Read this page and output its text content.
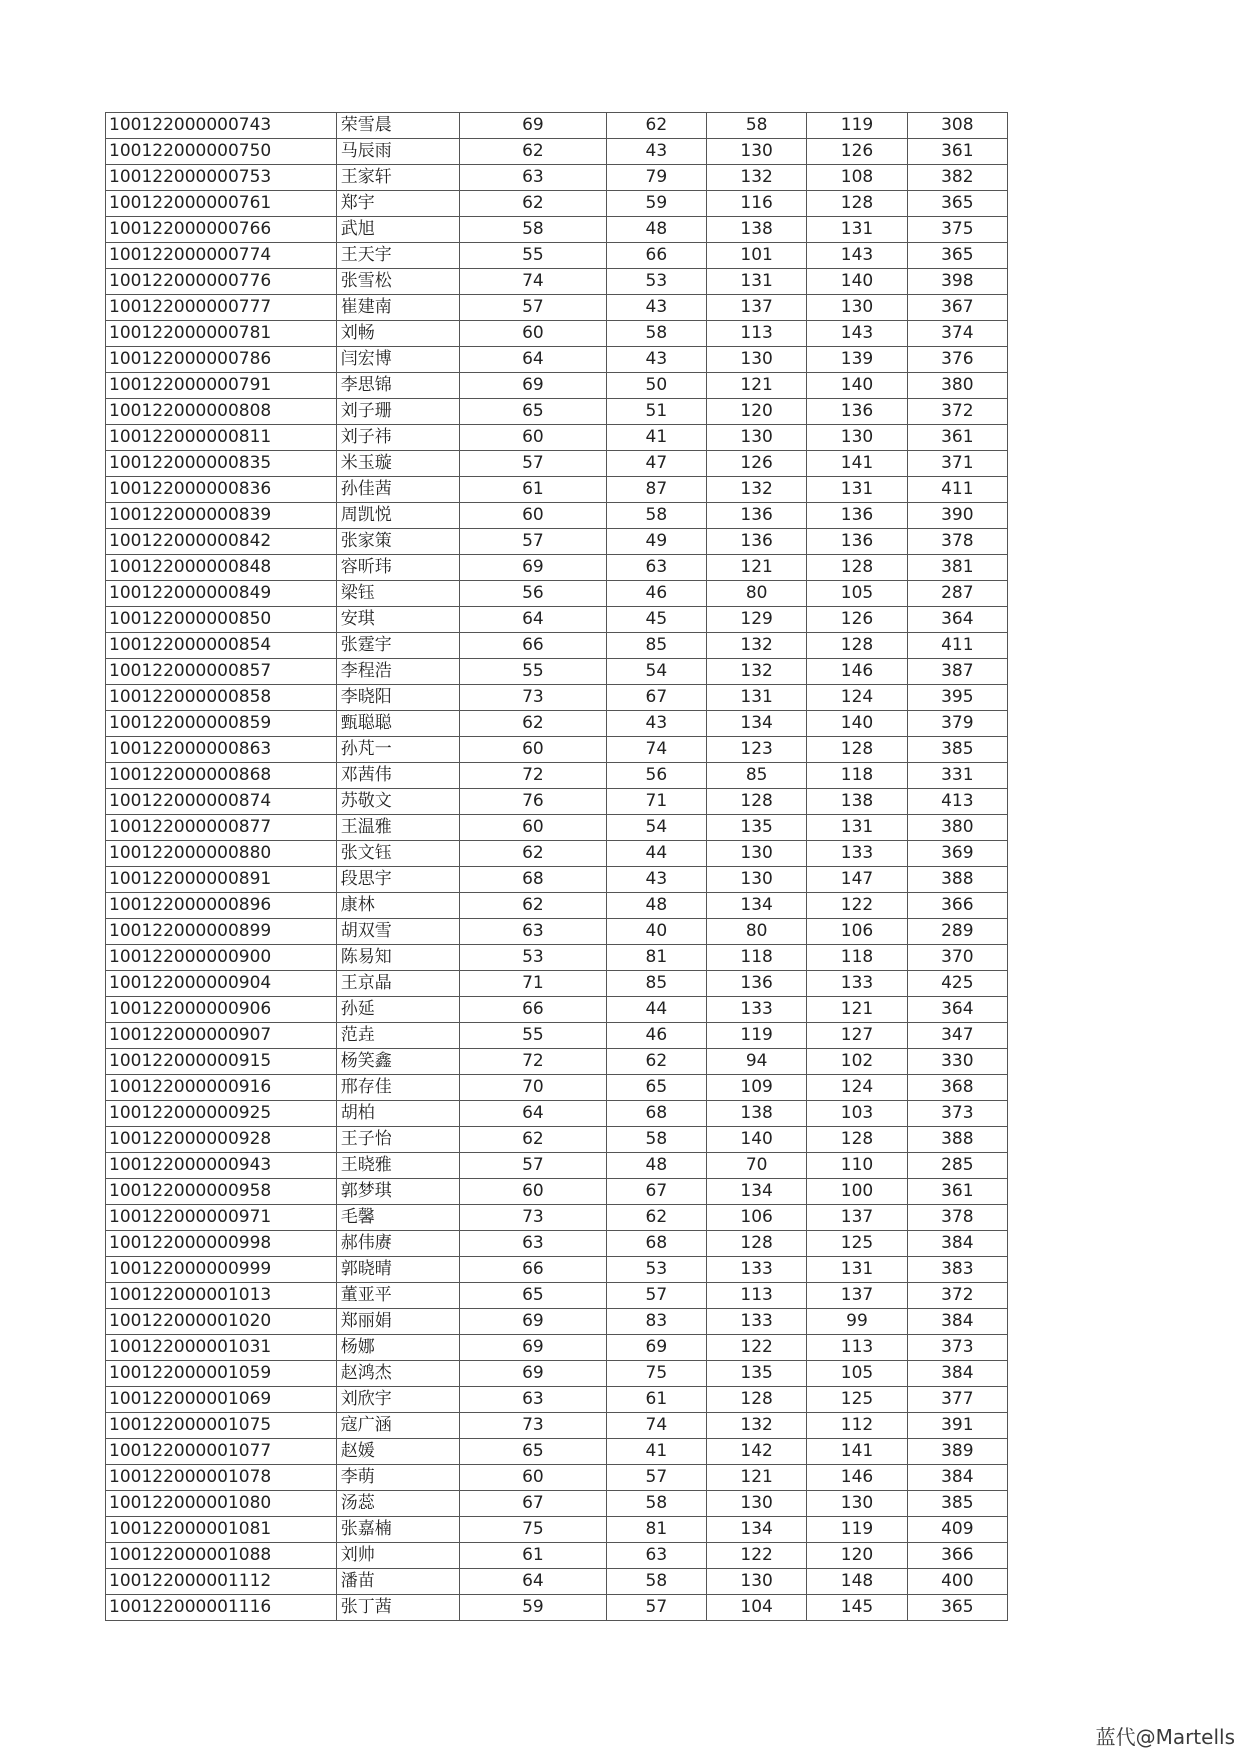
100122000000743	荣雪晨	69	62	58	119	308
100122000000750	马辰雨	62	43	130	126	361
100122000000753	王家轩	63	79	132	108	382
100122000000761	郑宇	62	59	116	128	365
100122000000766	武旭	58	48	138	131	375
100122000000774	王天宇	55	66	101	143	365
100122000000776	张雪松	74	53	131	140	398
100122000000777	崔建南	57	43	137	130	367
100122000000781	刘畅	60	58	113	143	374
100122000000786	闫宏博	64	43	130	139	376
100122000000791	李思锦	69	50	121	140	380
100122000000808	刘子珊	65	51	120	136	372
100122000000811	刘子祎	60	41	130	130	361
100122000000835	米玉璇	57	47	126	141	371
100122000000836	孙佳茜	61	87	132	131	411
100122000000839	周凯悦	60	58	136	136	390
100122000000842	张家策	57	49	136	136	378
100122000000848	容昕玮	69	63	121	128	381
100122000000849	梁钰	56	46	80	105	287
100122000000850	安琪	64	45	129	126	364
100122000000854	张霆宇	66	85	132	128	411
100122000000857	李程浩	55	54	132	146	387
100122000000858	李晓阳	73	67	131	124	395
100122000000859	甄聪聪	62	43	134	140	379
100122000000863	孙芃一	60	74	123	128	385
100122000000868	邓茜伟	72	56	85	118	331
100122000000874	苏敬文	76	71	128	138	413
100122000000877	王温雅	60	54	135	131	380
100122000000880	张文钰	62	44	130	133	369
100122000000891	段思宇	68	43	130	147	388
100122000000896	康林	62	48	134	122	366
100122000000899	胡双雪	63	40	80	106	289
100122000000900	陈易知	53	81	118	118	370
100122000000904	王京晶	71	85	136	133	425
100122000000906	孙延	66	44	133	121	364
100122000000907	范垚	55	46	119	127	347
100122000000915	杨笑鑫	72	62	94	102	330
100122000000916	邢存佳	70	65	109	124	368
100122000000925	胡柏	64	68	138	103	373
100122000000928	王子怡	62	58	140	128	388
100122000000943	王晓雅	57	48	70	110	285
100122000000958	郭梦琪	60	67	134	100	361
100122000000971	毛馨	73	62	106	137	378
100122000000998	郝伟赓	63	68	128	125	384
100122000000999	郭晓晴	66	53	133	131	383
100122000001013	董亚平	65	57	113	137	372
100122000001020	郑丽娟	69	83	133	99	384
100122000001031	杨娜	69	69	122	113	373
100122000001059	赵鸿杰	69	75	135	105	384
100122000001069	刘欣宇	63	61	128	125	377
100122000001075	寇广涵	73	74	132	112	391
100122000001077	赵媛	65	41	142	141	389
100122000001078	李萌	60	57	121	146	384
100122000001080	汤蕊	67	58	130	130	385
100122000001081	张嘉楠	75	81	134	119	409
100122000001088	刘帅	61	63	122	120	366
100122000001112	潘苗	64	58	130	148	400
100122000001116	张丁茜	59	57	104	145	365
蓝代@Martells
